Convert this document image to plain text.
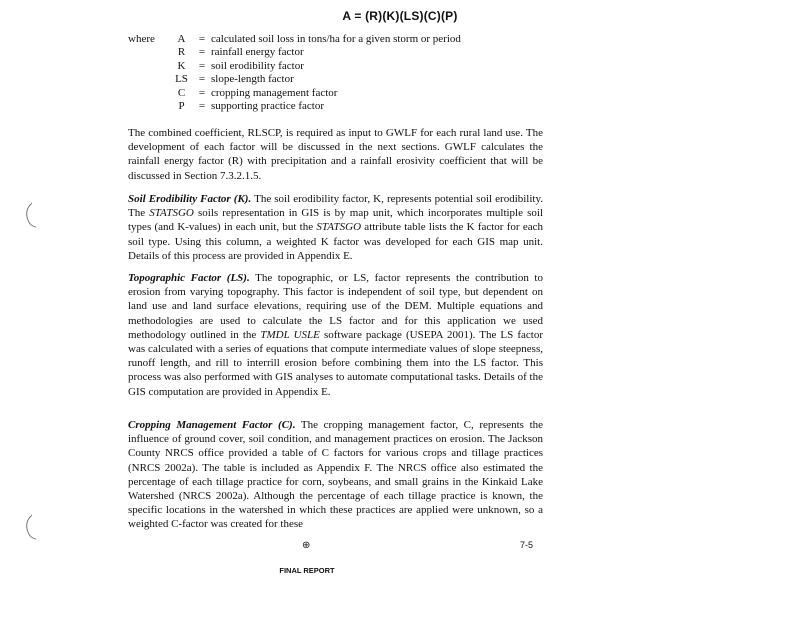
A = (R)(K)(LS)(C)(P)
where	A	= calculated soil loss in tons/ha for a given storm or period
R	= rainfall energy factor
K	= soil erodibility factor
LS = slope-length factor
C	= cropping management factor
P	= supporting practice factor
The combined coefficient, RLSCP, is required as input to GWLF for each rural land use. The development of each factor will be discussed in the next sections. GWLF calculates the rainfall energy factor (R) with precipitation and a rainfall erosivity coefficient that will be discussed in Section 7.3.2.1.5.
Soil Erodibility Factor (K). The soil erodibility factor, K, represents potential soil erodibility. The STATSGO soils representation in GIS is by map unit, which incorporates multiple soil types (and K-values) in each unit, but the STATSGO attribute table lists the K factor for each soil type. Using this column, a weighted K factor was developed for each GIS map unit. Details of this process are provided in Appendix E.
Topographic Factor (LS). The topographic, or LS, factor represents the contribution to erosion from varying topography. This factor is independent of soil type, but dependent on land use and land surface elevations, requiring use of the DEM. Multiple equations and methodologies are used to calculate the LS factor and for this application we used methodology outlined in the TMDL USLE software package (USEPA 2001). The LS factor was calculated with a series of equations that compute intermediate values of slope steepness, runoff length, and rill to interrill erosion before combining them into the LS factor. This process was also performed with GIS analyses to automate computational tasks. Details of the GIS computation are provided in Appendix E.
Cropping Management Factor (C). The cropping management factor, C, represents the influence of ground cover, soil condition, and management practices on erosion. The Jackson County NRCS office provided a table of C factors for various crops and tillage practices (NRCS 2002a). The table is included as Appendix F. The NRCS office also estimated the percentage of each tillage practice for corn, soybeans, and small grains in the Kinkaid Lake Watershed (NRCS 2002a). Although the percentage of each tillage practice is known, the specific locations in the watershed in which these practices are applied were unknown, so a weighted C-factor was created for these
⊕	7-5
FINAL REPORT
